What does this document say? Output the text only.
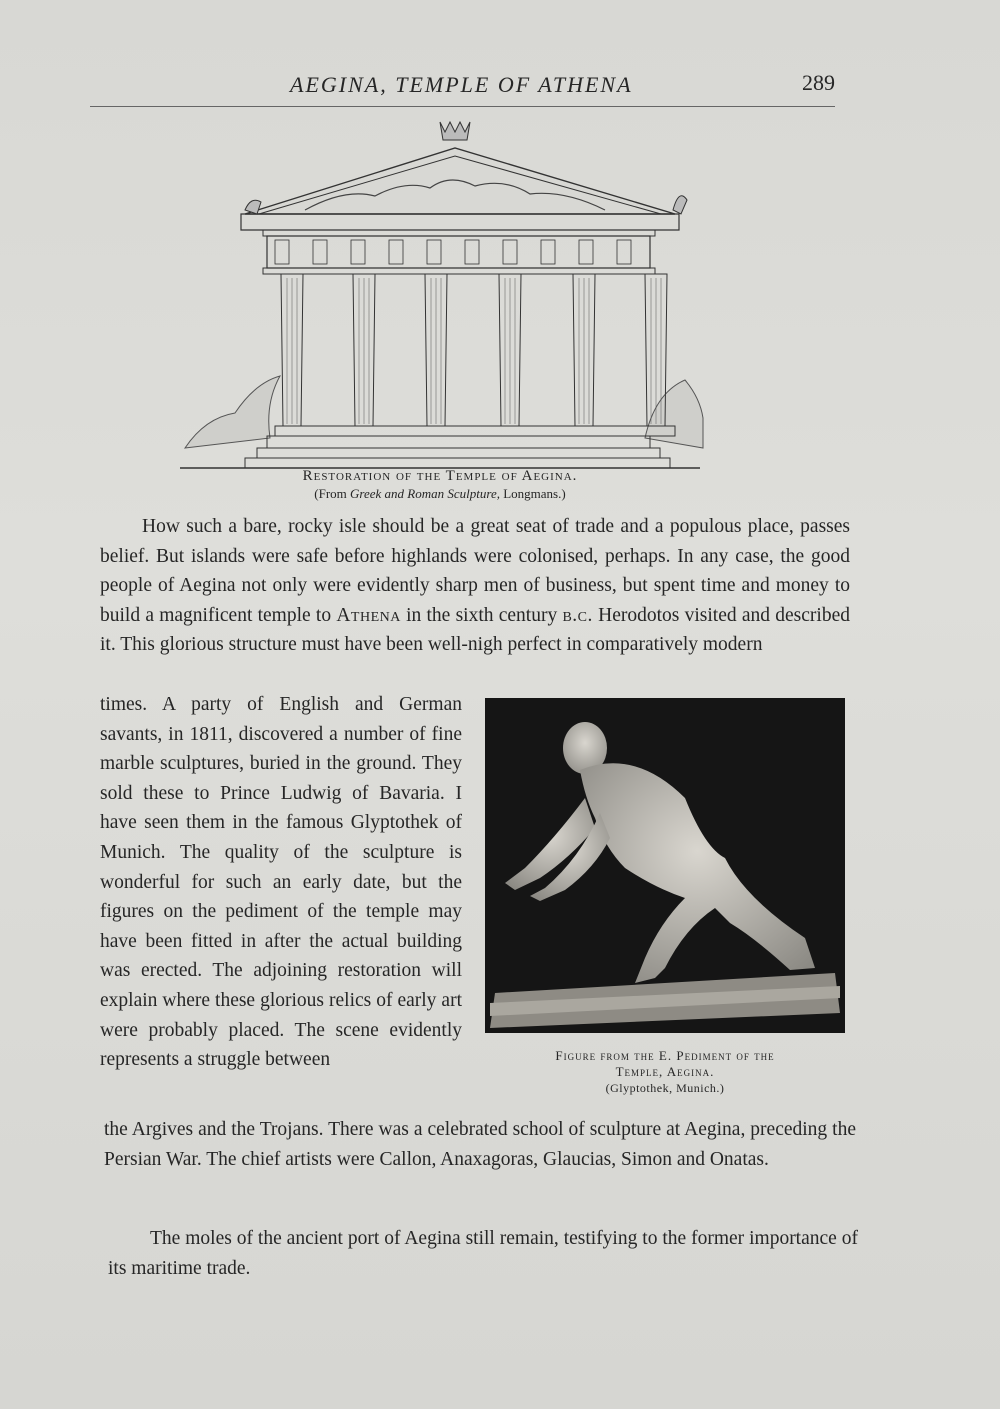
AEGINA, TEMPLE OF ATHENA	289
Restoration of the Temple of Aegina.
(From Greek and Roman Sculpture, Longmans.)
How such a bare, rocky isle should be a great seat of trade and a populous place, passes belief. But islands were safe before highlands were colonised, perhaps. In any case, the good people of Aegina not only were evidently sharp men of business, but spent time and money to build a magnificent temple to Athena in the sixth century b.c. Herodotos visited and described it. This glorious structure must have been well-nigh perfect in comparatively modern
times. A party of English and German savants, in 1811, discovered a number of fine marble sculptures, buried in the ground. They sold these to Prince Ludwig of Bavaria. I have seen them in the famous Glyptothek of Munich. The quality of the sculpture is wonderful for such an early date, but the figures on the pediment of the temple may have been fitted in after the actual building was erected. The adjoining restoration will explain where these glorious relics of early art were probably placed. The scene evidently represents a struggle between	Figure from the E. Pediment of the
Temple, Aegina.
(Glyptothek, Munich.)
the Argives and the Trojans. There was a celebrated school of sculpture at Aegina, preceding the Persian War. The chief artists were Callon, Anaxagoras, Glaucias, Simon and Onatas.
The moles of the ancient port of Aegina still remain, testifying to the former importance of its maritime trade.
